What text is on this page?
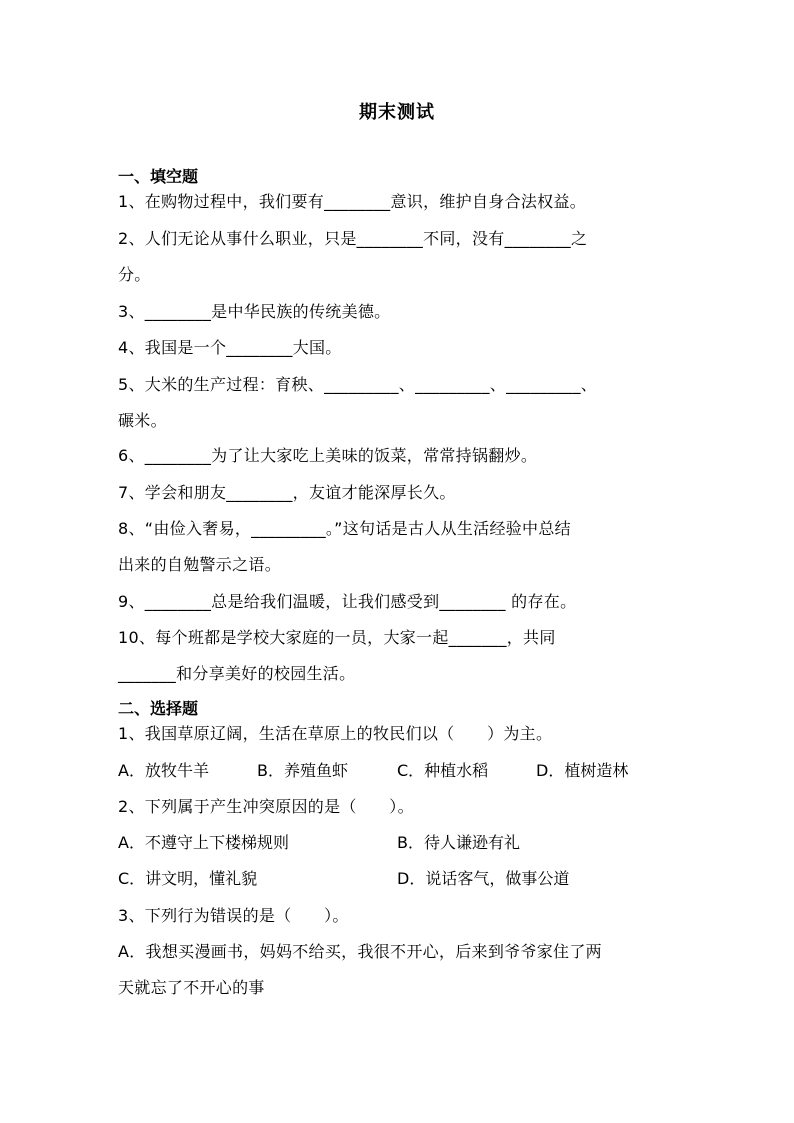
期末测试
一、填空题
1、在购物过程中，我们要有________意识，维护自身合法权益。
2、人们无论从事什么职业，只是________不同，没有________之
分。
3、________是中华民族的传统美德。
4、我国是一个________大国。
5、大米的生产过程：育秧、_________、_________、_________、
碾米。
6、________为了让大家吃上美味的饭菜，常常持锅翻炒。
7、学会和朋友________，友谊才能深厚长久。
8、“由俭入奢易，_________。”这句话是古人从生活经验中总结
出来的自勉警示之语。
9、________总是给我们温暖，让我们感受到________ 的存在。
10、每个班都是学校大家庭的一员，大家一起_______，共同
_______和分享美好的校园生活。
二、选择题
1、我国草原辽阔，生活在草原上的牧民们以（　　）为主。
A．放牧牛羊	B．养殖鱼虾	C．种植水稻	D．植树造林
2、下列属于产生冲突原因的是（　　）。
A．不遵守上下楼梯规则	B．待人谦逊有礼
C．讲文明，懂礼貌	D．说话客气，做事公道
3、下列行为错误的是（　　）。
A．我想买漫画书，妈妈不给买，我很不开心，后来到爷爷家住了两
天就忘了不开心的事
